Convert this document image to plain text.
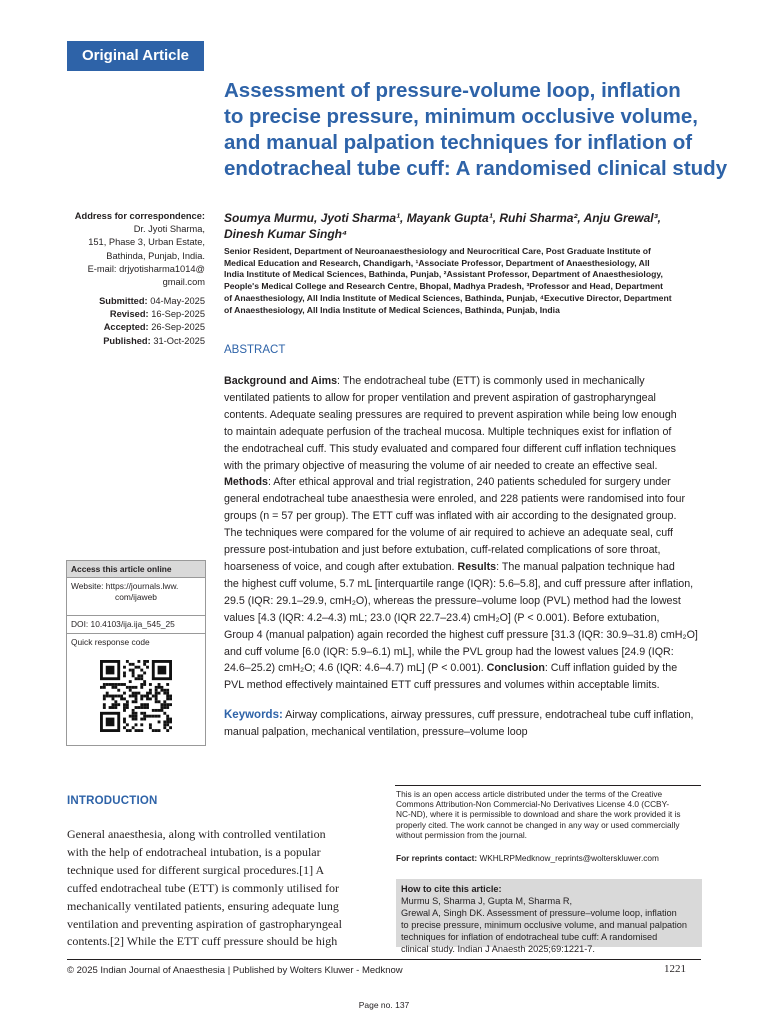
Original Article
Assessment of pressure-volume loop, inflation
to precise pressure, minimum occlusive volume,
and manual palpation techniques for inflation of
endotracheal tube cuff: A randomised clinical study
Address for correspondence:
Dr. Jyoti Sharma,
151, Phase 3, Urban Estate,
Bathinda, Punjab, India.
E-mail: drjyotisharma1014@
gmail.com
Submitted: 04-May-2025
Revised: 16-Sep-2025
Accepted: 26-Sep-2025
Published: 31-Oct-2025
Soumya Murmu, Jyoti Sharma¹, Mayank Gupta¹, Ruhi Sharma², Anju Grewal³,
Dinesh Kumar Singh⁴
Senior Resident, Department of Neuroanaesthesiology and Neurocritical Care, Post Graduate Institute of
Medical Education and Research, Chandigarh, ¹Associate Professor, Department of Anaesthesiology, All
India Institute of Medical Sciences, Bathinda, Punjab, ²Assistant Professor, Department of Anaesthesiology,
People's Medical College and Research Centre, Bhopal, Madhya Pradesh, ³Professor and Head, Department
of Anaesthesiology, All India Institute of Medical Sciences, Bathinda, Punjab, ⁴Executive Director, Department
of Anaesthesiology, All India Institute of Medical Sciences, Bathinda, Punjab, India
ABSTRACT
Background and Aims: The endotracheal tube (ETT) is commonly used in mechanically
ventilated patients to allow for proper ventilation and prevent aspiration of gastropharyngeal
contents. Adequate sealing pressures are required to prevent aspiration while being low enough
to maintain adequate perfusion of the tracheal mucosa. Multiple techniques exist for inflation of
the endotracheal cuff. This study evaluated and compared four different cuff inflation techniques
with the primary objective of measuring the volume of air needed to create an effective seal.
Methods: After ethical approval and trial registration, 240 patients scheduled for surgery under
general endotracheal tube anaesthesia were enroled, and 228 patients were randomised into four
groups (n = 57 per group). The ETT cuff was inflated with air according to the designated group.
The techniques were compared for the volume of air required to achieve an adequate seal, cuff
pressure post-intubation and just before extubation, cuff-related complications of sore throat,
hoarseness of voice, and cough after extubation. Results: The manual palpation technique had
the highest cuff volume, 5.7 mL [interquartile range (IQR): 5.6–5.8], and cuff pressure after inflation,
29.5 (IQR: 29.1–29.9, cmH₂O), whereas the pressure–volume loop (PVL) method had the lowest
values [4.3 (IQR: 4.2–4.3) mL; 23.0 (IQR 22.7–23.4) cmH₂O] (P < 0.001). Before extubation,
Group 4 (manual palpation) again recorded the highest cuff pressure [31.3 (IQR: 30.9–31.8) cmH₂O]
and cuff volume [6.0 (IQR: 5.9–6.1) mL], while the PVL group had the lowest values [24.9 (IQR:
24.6–25.2) cmH₂O; 4.6 (IQR: 4.6–4.7) mL] (P < 0.001). Conclusion: Cuff inflation guided by the
PVL method effectively maintained ETT cuff pressures and volumes within acceptable limits.
Keywords: Airway complications, airway pressures, cuff pressure, endotracheal tube cuff inflation,
manual palpation, mechanical ventilation, pressure–volume loop
Access this article online
Website: https://journals.lww.
com/ijaweb
DOI: 10.4103/ija.ija_545_25
Quick response code
INTRODUCTION
General anaesthesia, along with controlled ventilation
with the help of endotracheal intubation, is a popular
technique used for different surgical procedures.[1] A
cuffed endotracheal tube (ETT) is commonly utilised for
mechanically ventilated patients, ensuring adequate lung
ventilation and preventing aspiration of gastropharyngeal
contents.[2] While the ETT cuff pressure should be high
This is an open access article distributed under the terms of the Creative
Commons Attribution-Non Commercial-No Derivatives License 4.0 (CCBY-
NC-ND), where it is permissible to download and share the work provided it is
properly cited. The work cannot be changed in any way or used commercially
without permission from the journal.
For reprints contact: WKHLRPMedknow_reprints@wolterskluwer.com
How to cite this article:
Murmu S, Sharma J, Gupta M, Sharma R,
Grewal A, Singh DK. Assessment of pressure–volume loop, inflation
to precise pressure, minimum occlusive volume, and manual palpation
techniques for inflation of endotracheal tube cuff: A randomised
clinical study. Indian J Anaesth 2025;69:1221-7.
© 2025 Indian Journal of Anaesthesia | Published by Wolters Kluwer - Medknow	1221
Page no. 137
